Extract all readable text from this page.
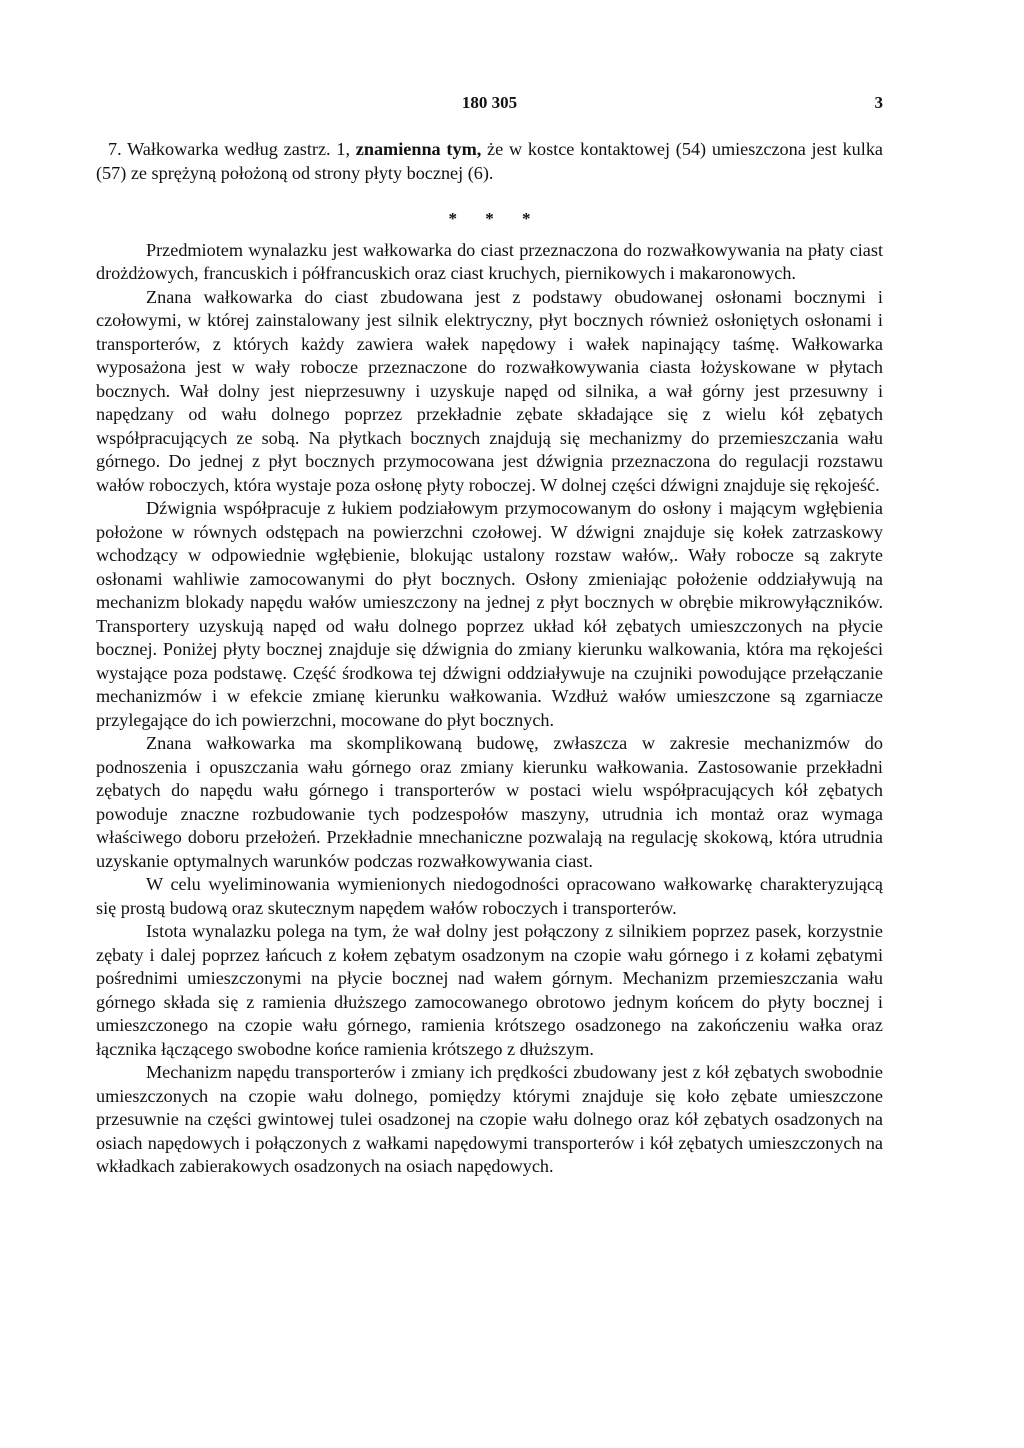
180 305	3

7. Wałkowarka według zastrz. 1, znamienna tym, że w kostce kontaktowej (54) umieszczona jest kulka (57) ze sprężyną położoną od strony płyty bocznej (6).

* * *

Przedmiotem wynalazku jest wałkowarka do ciast przeznaczona do rozwałkowywania na płaty ciast drożdżowych, francuskich i półfrancuskich oraz ciast kruchych, piernikowych i makaronowych.

Znana wałkowarka do ciast zbudowana jest z podstawy obudowanej osłonami bocznymi i czołowymi, w której zainstalowany jest silnik elektryczny, płyt bocznych również osłoniętych osłonami i transporterów, z których każdy zawiera wałek napędowy i wałek napinający taśmę. Wałkowarka wyposażona jest w wały robocze przeznaczone do rozwałkowywania ciasta łożyskowane w płytach bocznych. Wał dolny jest nieprzesuwny i uzyskuje napęd od silnika, a wał górny jest przesuwny i napędzany od wału dolnego poprzez przekładnie zębate składające się z wielu kół zębatych współpracujących ze sobą. Na płytkach bocznych znajdują się mechanizmy do przemieszczania wału górnego. Do jednej z płyt bocznych przymocowana jest dźwignia przeznaczona do regulacji rozstawu wałów roboczych, która wystaje poza osłonę płyty roboczej. W dolnej części dźwigni znajduje się rękojeść.

Dźwignia współpracuje z łukiem podziałowym przymocowanym do osłony i mającym wgłębienia położone w równych odstępach na powierzchni czołowej. W dźwigni znajduje się kołek zatrzaskowy wchodzący w odpowiednie wgłębienie, blokując ustalony rozstaw wałów,. Wały robocze są zakryte osłonami wahliwie zamocowanymi do płyt bocznych. Osłony zmieniając położenie oddziaływują na mechanizm blokady napędu wałów umieszczony na jednej z płyt bocznych w obrębie mikrowyłączników. Transportery uzyskują napęd od wału dolnego poprzez układ kół zębatych umieszczonych na płycie bocznej. Poniżej płyty bocznej znajduje się dźwignia do zmiany kierunku walkowania, która ma rękojeści wystające poza podstawę. Część środkowa tej dźwigni oddziaływuje na czujniki powodujące przełączanie mechanizmów i w efekcie zmianę kierunku wałkowania. Wzdłuż wałów umieszczone są zgarniacze przylegające do ich powierzchni, mocowane do płyt bocznych.

Znana wałkowarka ma skomplikowaną budowę, zwłaszcza w zakresie mechanizmów do podnoszenia i opuszczania wału górnego oraz zmiany kierunku wałkowania. Zastosowanie przekładni zębatych do napędu wału górnego i transporterów w postaci wielu współpracujących kół zębatych powoduje znaczne rozbudowanie tych podzespołów maszyny, utrudnia ich montaż oraz wymaga właściwego doboru przełożeń. Przekładnie mnechaniczne pozwalają na regulację skokową, która utrudnia uzyskanie optymalnych warunków podczas rozwałkowywania ciast.

W celu wyeliminowania wymienionych niedogodności opracowano wałkowarkę charakteryzującą się prostą budową oraz skutecznym napędem wałów roboczych i transporterów.

Istota wynalazku polega na tym, że wał dolny jest połączony z silnikiem poprzez pasek, korzystnie zębaty i dalej poprzez łańcuch z kołem zębatym osadzonym na czopie wału górnego i z kołami zębatymi pośrednimi umieszczonymi na płycie bocznej nad wałem górnym. Mechanizm przemieszczania wału górnego składa się z ramienia dłuższego zamocowanego obrotowo jednym końcem do płyty bocznej i umieszczonego na czopie wału górnego, ramienia krótszego osadzonego na zakończeniu wałka oraz łącznika łączącego swobodne końce ramienia krótszego z dłuższym.

Mechanizm napędu transporterów i zmiany ich prędkości zbudowany jest z kół zębatych swobodnie umieszczonych na czopie wału dolnego, pomiędzy którymi znajduje się koło zębate umieszczone przesuwnie na części gwintowej tulei osadzonej na czopie wału dolnego oraz kół zębatych osadzonych na osiach napędowych i połączonych z wałkami napędowymi transporterów i kół zębatych umieszczonych na wkładkach zabierakowych osadzonych na osiach napędowych.
